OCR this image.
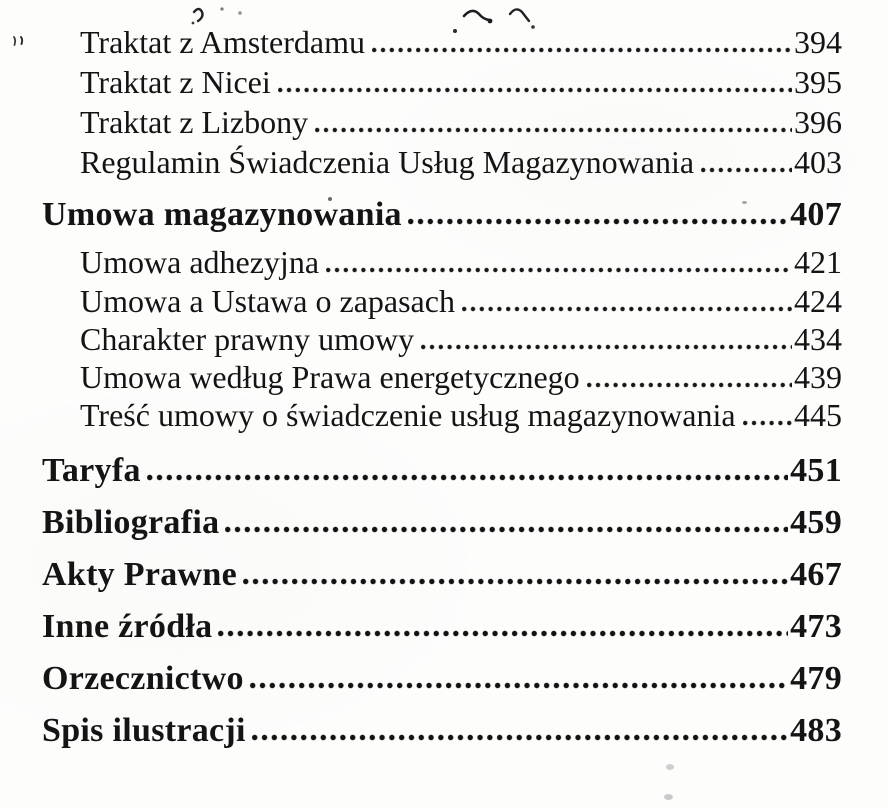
Traktat z Amsterdamu	394
Traktat z Nicei	395
Traktat z Lizbony	396
Regulamin Świadczenia Usług Magazynowania	403
Umowa magazynowania	407
Umowa adhezyjna	421
Umowa a Ustawa o zapasach	424
Charakter prawny umowy	434
Umowa według Prawa energetycznego	439
Treść umowy o świadczenie usług magazynowania 445
Taryfa	451
Bibliografia	459
Akty Prawne	467
Inne źródła	473
Orzecznictwo	479
Spis ilustracji	483
